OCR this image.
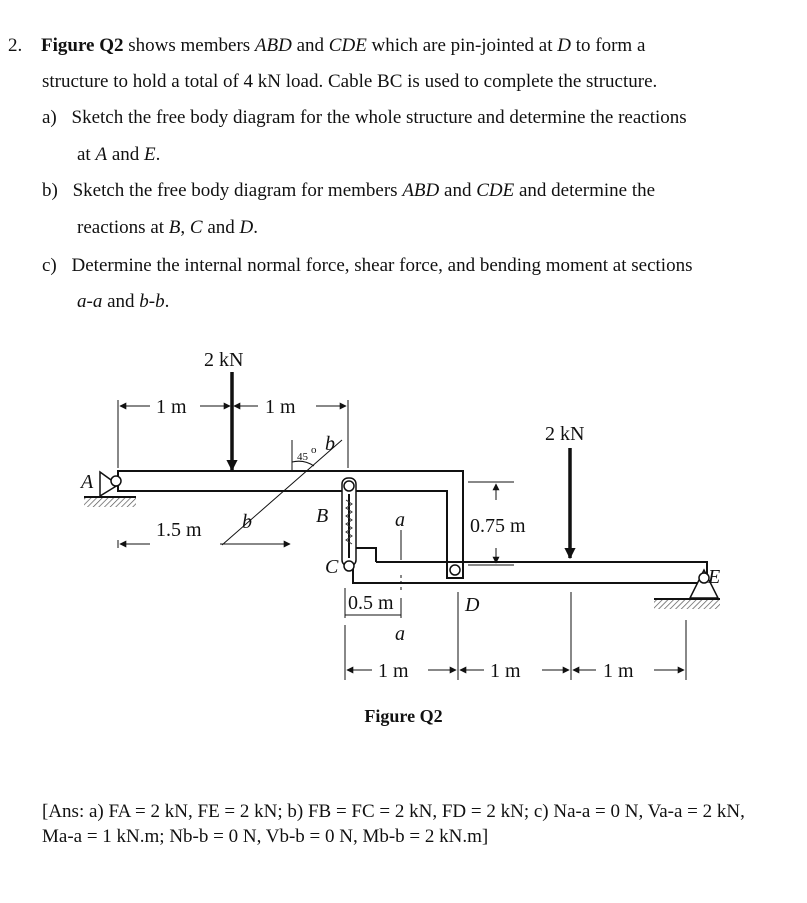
2. Figure Q2 shows members ABD and CDE which are pin-jointed at D to form a
structure to hold a total of 4 kN load. Cable BC is used to complete the structure.
a) Sketch the free body diagram for the whole structure and determine the reactions
at A and E.
b) Sketch the free body diagram for members ABD and CDE and determine the
reactions at B, C and D.
c) Determine the internal normal force, shear force, and bending moment at sections
a-a and b-b.
2 kN
2 kN
1 m	1 m
1.5 m
45
o b
b	a
a
0.75 m
0.5 m
1 m	1 m	1 m
A
B
C
D
E
Figure Q2
[Ans: a) FA = 2 kN, FE = 2 kN; b) FB = FC = 2 kN, FD = 2 kN; c) Na-a = 0 N, Va-a = 2 kN,
Ma-a = 1 kN.m; Nb-b = 0 N, Vb-b = 0 N, Mb-b = 2 kN.m]
